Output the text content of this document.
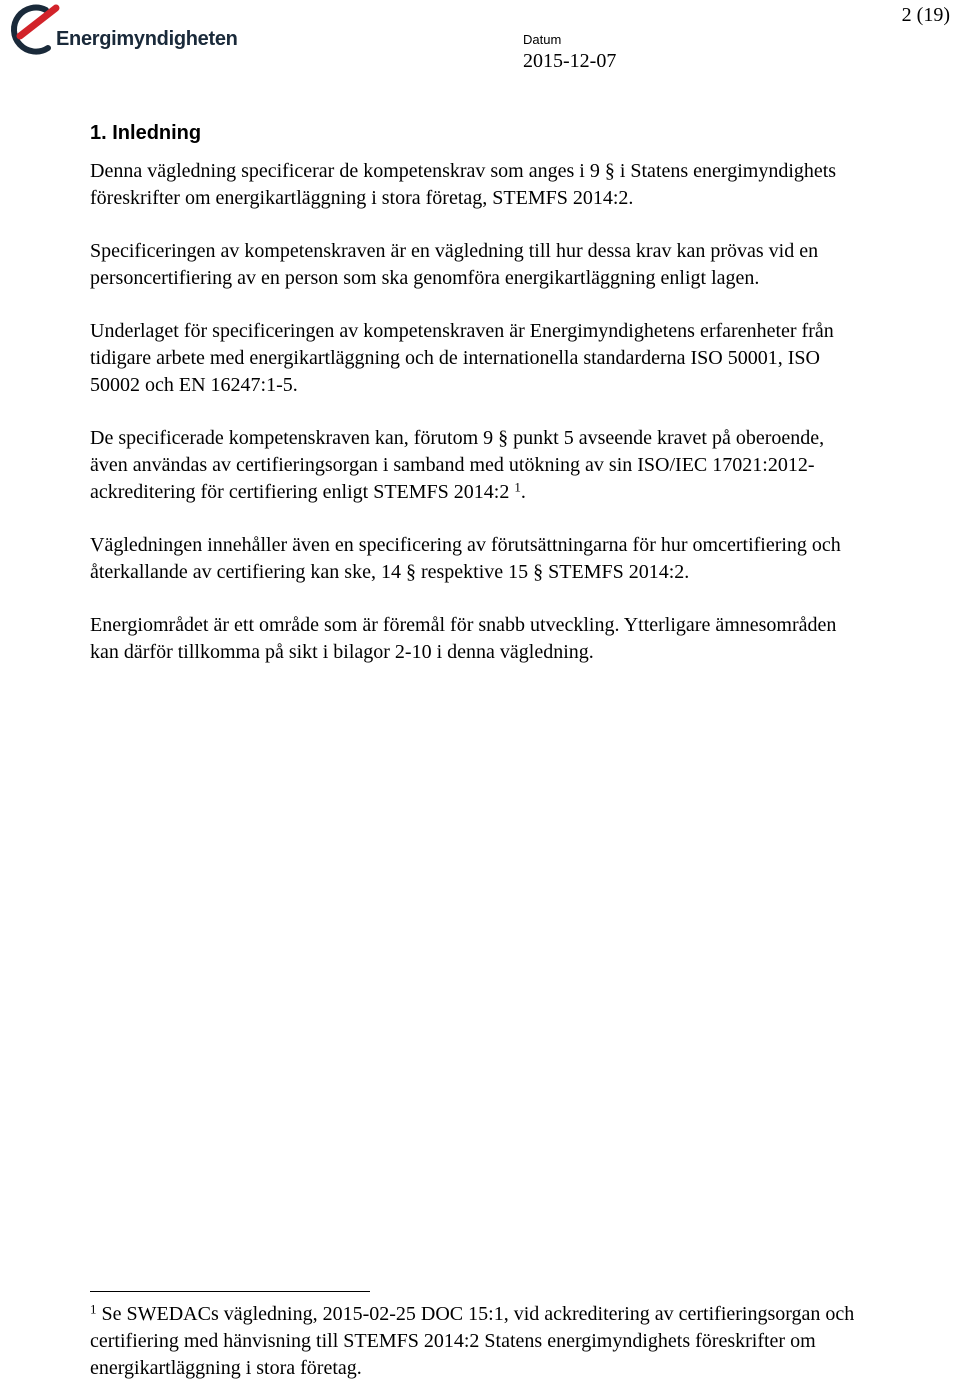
Energimyndigheten
2 (19)
Datum
2015-12-07
1. Inledning

Denna vägledning specificerar de kompetenskrav som anges i 9 § i Statens energimyndighets föreskrifter om energikartläggning i stora företag, STEMFS 2014:2.

Specificeringen av kompetenskraven är en vägledning till hur dessa krav kan prövas vid en personcertifiering av en person som ska genomföra energikartläggning enligt lagen.

Underlaget för specificeringen av kompetenskraven är Energimyndighetens erfarenheter från tidigare arbete med energikartläggning och de internationella standarderna ISO 50001, ISO 50002 och EN 16247:1-5.

De specificerade kompetenskraven kan, förutom 9 § punkt 5 avseende kravet på oberoende, även användas av certifieringsorgan i samband med utökning av sin ISO/IEC 17021:2012- ackreditering för certifiering enligt STEMFS 2014:2 $^1$.

Vägledningen innehåller även en specificering av förutsättningarna för hur omcertifiering och återkallande av certifiering kan ske, 14 § respektive 15 § STEMFS 2014:2.

Energiområdet är ett område som är föremål för snabb utveckling. Ytterligare ämnesområden kan därför tillkomma på sikt i bilagor 2-10 i denna vägledning.

$^1$ Se SWEDACs vägledning, 2015-02-25 DOC 15:1, vid ackreditering av certifieringsorgan och certifiering med hänvisning till STEMFS 2014:2 Statens energimyndighets föreskrifter om energikartläggning i stora företag.
